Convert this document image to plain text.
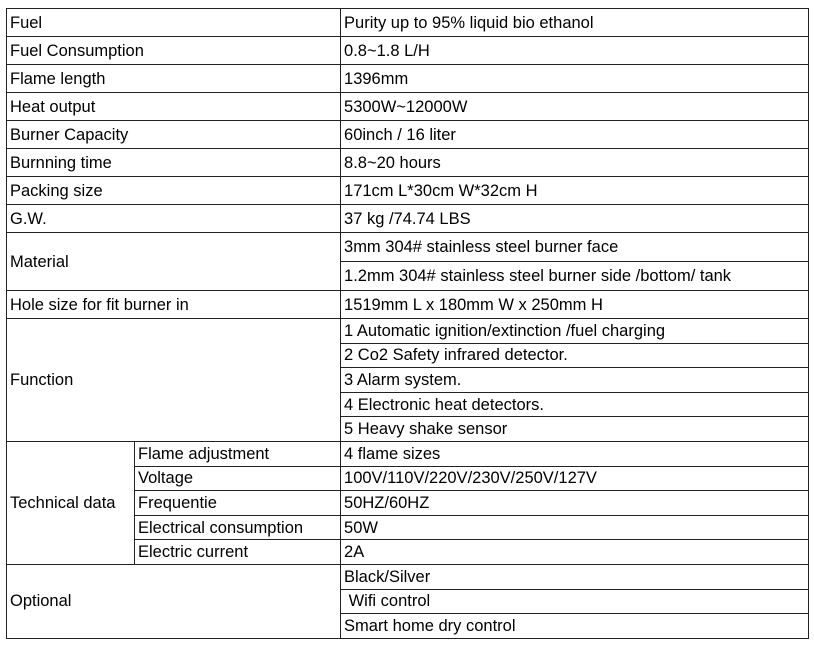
Fuel		Purity up to 95% liquid bio ethanol
Fuel Consumption		0.8~1.8 L/H
Flame length		1396mm
Heat output		5300W~12000W
Burner Capacity		60inch / 16 liter
Burnning time		8.8~20 hours
Packing size		171cm L*30cm W*32cm H
G.W.		37 kg /74.74 LBS
Material		3mm 304# stainless steel burner face
		1.2mm 304# stainless steel burner side /bottom/ tank
Hole size for fit burner in		1519mm L x 180mm W x 250mm H
Function		1 Automatic ignition/extinction /fuel charging
		2 Co2 Safety infrared detector.
		3 Alarm system.
		4 Electronic heat detectors.
		5 Heavy shake sensor
Technical data	Flame adjustment	4 flame sizes
	Voltage	100V/110V/220V/230V/250V/127V
	Frequentie	50HZ/60HZ
	Electrical consumption	50W
	Electric current	2A
Optional		Black/Silver
		Wifi control
		Smart home dry control
